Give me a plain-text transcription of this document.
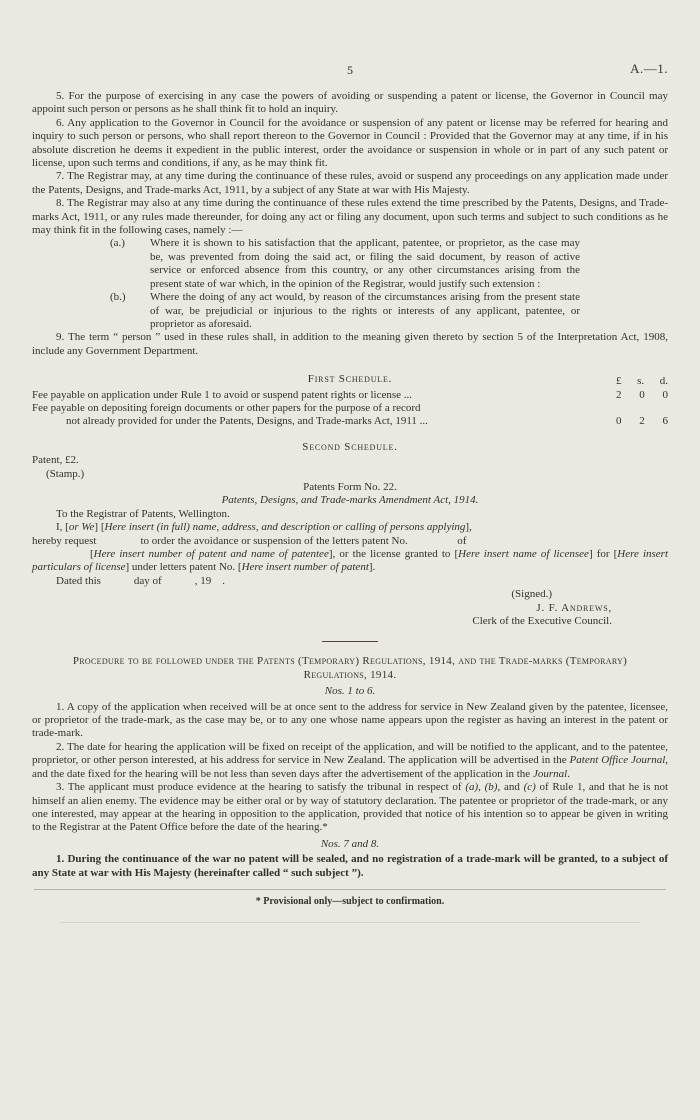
5	A.—1.

5. For the purpose of exercising in any case the powers of avoiding or suspending a patent or license, the Governor in Council may appoint such person or persons as he shall think fit to hold an inquiry.

6. Any application to the Governor in Council for the avoidance or suspension of any patent or license may be referred for hearing and inquiry to such person or persons, who shall report thereon to the Governor in Council : Provided that the Governor may at any time, if in his absolute discretion he deems it expedient in the public interest, order the avoidance or suspension in whole or in part of any such patent or license, upon such terms and conditions, if any, as he may think fit.

7. The Registrar may, at any time during the continuance of these rules, avoid or suspend any proceedings on any application made under the Patents, Designs, and Trade-marks Act, 1911, by a subject of any State at war with His Majesty.

8. The Registrar may also at any time during the continuance of these rules extend the time prescribed by the Patents, Designs, and Trade-marks Act, 1911, or any rules made thereunder, for doing any act or filing any document, upon such terms and subject to such conditions as he may think fit in the following cases, namely :—

(a.) Where it is shown to his satisfaction that the applicant, patentee, or proprietor, as the case may be, was prevented from doing the said act, or filing the said document, by reason of active service or enforced absence from this country, or any other circumstances arising from the present state of war which, in the opinion of the Registrar, would justify such extension :

(b.) Where the doing of any act would, by reason of the circumstances arising from the present state of war, be prejudicial or injurious to the rights or interests of any applicant, patentee, or proprietor as aforesaid.

9. The term “ person ” used in these rules shall, in addition to the meaning given thereto by section 5 of the Interpretation Act, 1908, include any Government Department.

First Schedule.	£ s. d.
Fee payable on application under Rule 1 to avoid or suspend patent rights or license ...	2 0 0
Fee payable on depositing foreign documents or other papers for the purpose of a record
not already provided for under the Patents, Designs, and Trade-marks Act, 1911 ...	0 2 6
Second Schedule.
Patent, £2.
(Stamp.)
Patents Form No. 22.
Patents, Designs, and Trade-marks Amendment Act, 1914.

To the Registrar of Patents, Wellington.

I, [or We] [Here insert (in full) name, address, and description or calling of persons applying],

hereby request                to order the avoidance or suspension of the letters patent No.                  of

[Here insert number of patent and name of patentee], or the license granted to [Here insert name of licensee] for [Here insert particulars of license] under letters patent No. [Here insert number of patent].

Dated this            day of            , 19    .

(Signed.)
J. F. Andrews,
Clerk of the Executive Council.
Procedure to be followed under the Patents (Temporary) Regulations, 1914, and the Trade-marks (Temporary) Regulations, 1914.
Nos. 1 to 6.

1. A copy of the application when received will be at once sent to the address for service in New Zealand given by the patentee, licensee, or proprietor of the trade-mark, as the case may be, or to any one whose name appears upon the register as having an interest in the patent or trade-mark.

2. The date for hearing the application will be fixed on receipt of the application, and will be notified to the applicant, and to the patentee, proprietor, or other person interested, at his address for service in New Zealand. The application will be advertised in the Patent Office Journal, and the date fixed for the hearing will be not less than seven days after the advertisement of the application in the Journal.

3. The applicant must produce evidence at the hearing to satisfy the tribunal in respect of (a), (b), and (c) of Rule 1, and that he is not himself an alien enemy. The evidence may be either oral or by way of statutory declaration. The patentee or proprietor of the trade-mark, or any one interested, may appear at the hearing in opposition to the application, provided that notice of his intention so to appear be given in writing to the Registrar at the Patent Office before the date of the hearing.*

Nos. 7 and 8.

1. During the continuance of the war no patent will be sealed, and no registration of a trade-mark will be granted, to a subject of any State at war with His Majesty (hereinafter called “ such subject ”).

* Provisional only—subject to confirmation.
